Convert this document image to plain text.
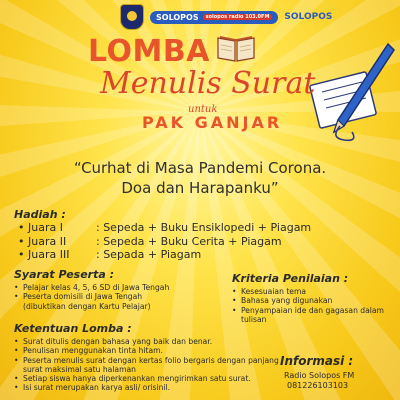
SOLOPOS	solopos radio 103.0FM	SOLOPOS
LOMBA
Menulis Surat
untuk
PAK GANJAR
“Curhat di Masa Pandemi Corona.
Doa dan Harapanku”
Hadiah :
• Juara I	: Sepeda + Buku Ensiklopedi + Piagam
• Juara II	: Sepeda + Buku Cerita + Piagam
• Juara III	: Sepada + Piagam
Syarat Peserta :
• Pelajar kelas 4, 5, 6 SD di Jawa Tengah
• Peserta domisili di Jawa Tengah
(dibuktikan dengan Kartu Pelajar)
Kriteria Penilaian :
• Kesesuaian tema
• Bahasa yang digunakan
• Penyampaian ide dan gagasan dalam tulisan
Ketentuan Lomba :
• Surat ditulis dengan bahasa yang baik dan benar.
• Penulisan menggunakan tinta hitam.
• Peserta menulis surat dengan kertas folio bergaris dengan panjang surat maksimal satu halaman
• Setiap siswa hanya diperkenankan mengirimkan satu surat.
• Isi surat merupakan karya asli/ orisinil.
Informasi :
Radio Solopos FM
081226103103
